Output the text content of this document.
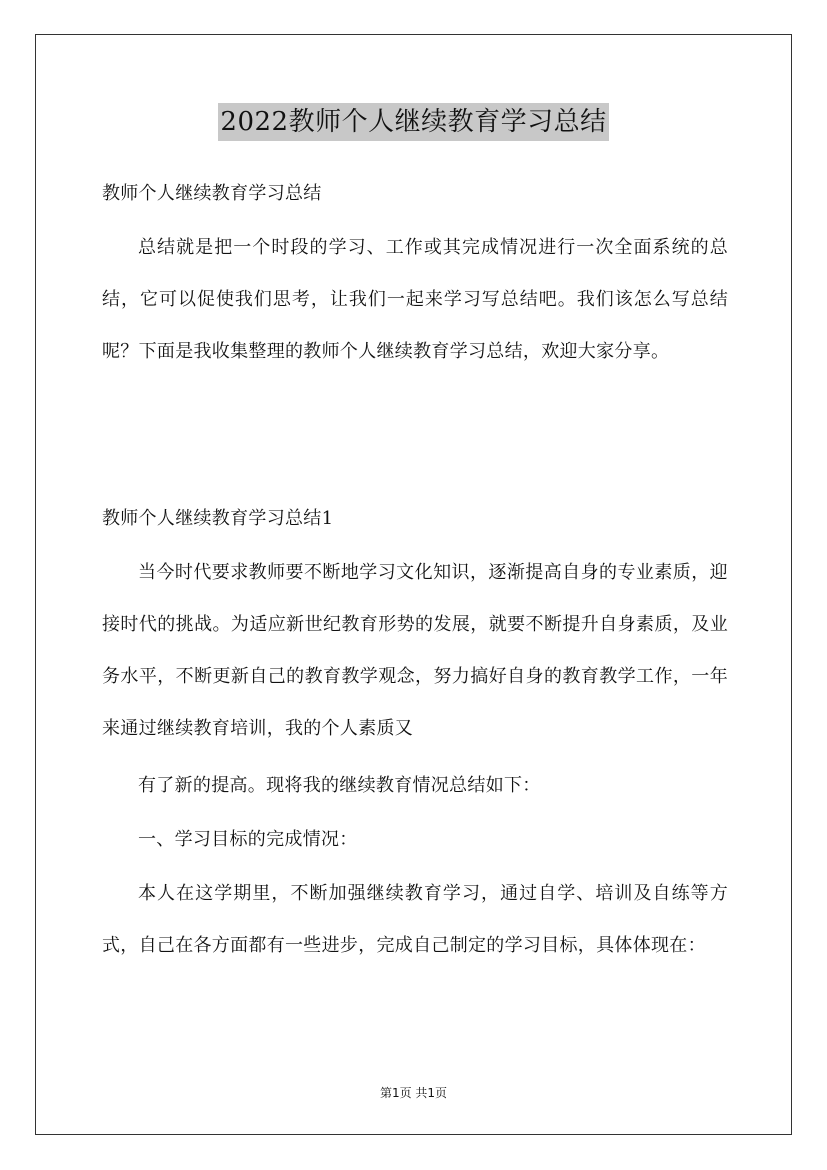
2022教师个人继续教育学习总结

教师个人继续教育学习总结

总结就是把一个时段的学习、工作或其完成情况进行一次全面系统的总结，它可以促使我们思考，让我们一起来学习写总结吧。我们该怎么写总结呢？下面是我收集整理的教师个人继续教育学习总结，欢迎大家分享。

教师个人继续教育学习总结1

当今时代要求教师要不断地学习文化知识，逐渐提高自身的专业素质，迎接时代的挑战。为适应新世纪教育形势的发展，就要不断提升自身素质，及业务水平，不断更新自己的教育教学观念，努力搞好自身的教育教学工作，一年来通过继续教育培训，我的个人素质又

有了新的提高。现将我的继续教育情况总结如下：

一、学习目标的完成情况：

本人在这学期里，不断加强继续教育学习，通过自学、培训及自练等方式，自己在各方面都有一些进步，完成自己制定的学习目标，具体体现在：

第1页 共1页
